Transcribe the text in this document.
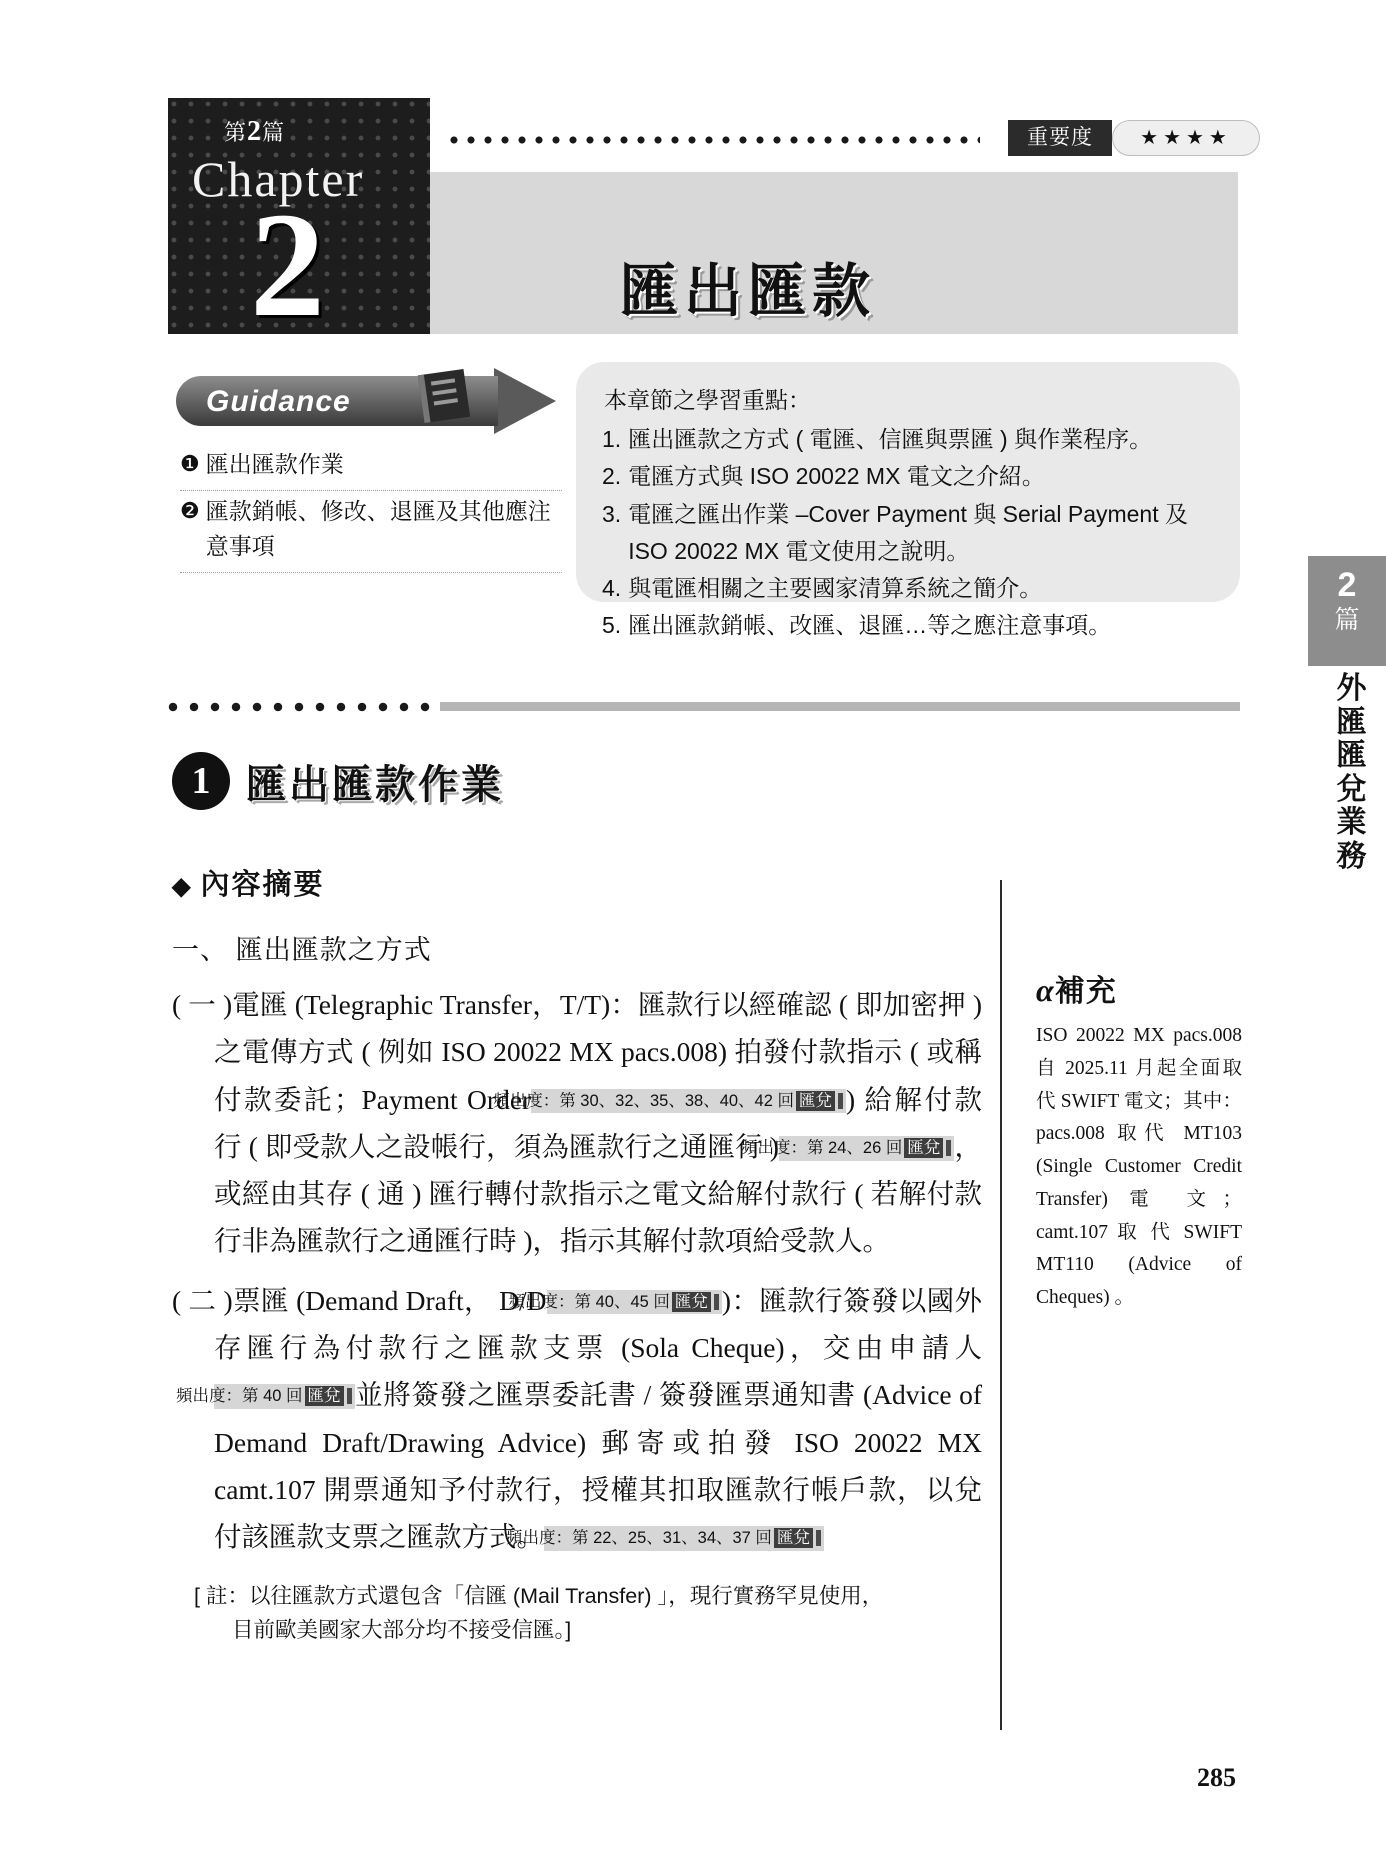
重要度	★★★★
匯出匯款
第2篇
Chapter
2
Guidance
❶ 匯出匯款作業
❷ 匯款銷帳、修改、退匯及其他應注意事項
本章節之學習重點：
1. 匯出匯款之方式 ( 電匯、信匯與票匯 ) 與作業程序。
2. 電匯方式與 ISO 20022 MX 電文之介紹。
3. 電匯之匯出作業 –Cover Payment 與 Serial Payment 及 ISO 20022 MX 電文使用之說明。
4. 與電匯相關之主要國家清算系統之簡介。
5. 匯出匯款銷帳、改匯、退匯…等之應注意事項。
2
篇
外匯匯兌業務
1 匯出匯款作業
◆ 內容摘要
一、 匯出匯款之方式
( 一 )電匯 (Telegraphic Transfer，T/T)：匯款行以經確認 ( 即加密押 ) 之電傳方式 ( 例如 ISO 20022 MX pacs.008) 拍發付款指示 ( 或稱付款委託；Payment Order頻出度：第 30、32、35、38、40、42 回 匯兌 ) 給解付款行 ( 即受款人之設帳行，須為匯款行之通匯行 )頻出度：第 24、26 回 匯兌 ，或經由其存 ( 通 ) 匯行轉付款指示之電文給解付款行 ( 若解付款行非為匯款行之通匯行時 )，指示其解付款項給受款人。
( 二 )票匯 (Demand Draft， D/D頻出度：第 40、45 回 匯兌 )：匯款行簽發以國外存匯行為付款行之匯款支票 (Sola Cheque)，交由申請人頻出度：第 40 回 匯兌 並將簽發之匯票委託書 / 簽發匯票通知書 (Advice of Demand Draft/Drawing Advice) 郵寄或拍發 ISO 20022 MX camt.107 開票通知予付款行，授權其扣取匯款行帳戶款，以兌付該匯款支票之匯款方式。頻出度：第 22、25、31、34、37 回 匯兌
[ 註：以往匯款方式還包含「信匯 (Mail Transfer) 」，現行實務罕見使用，
目前歐美國家大部分均不接受信匯。]
α補充
ISO 20022 MX pacs.008 自 2025.11 月起全面取代 SWIFT 電文；其中：pacs.008 取代 MT103 (Single Customer Credit Transfer) 電 文；camt.107 取 代 SWIFT MT110 (Advice of Cheques) 。
285
